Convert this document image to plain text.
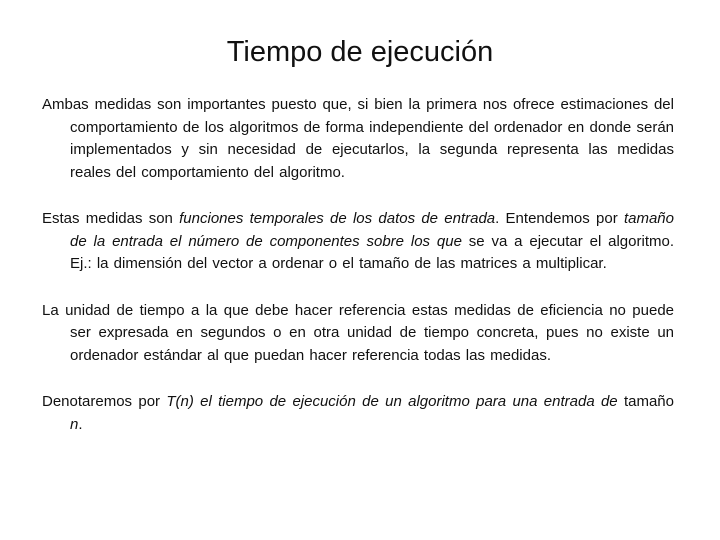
Tiempo de ejecución

Ambas medidas son importantes puesto que, si bien la primera nos ofrece estimaciones del comportamiento de los algoritmos de forma independiente del ordenador en donde serán implementados y sin necesidad de ejecutarlos, la segunda representa las medidas reales del comportamiento del algoritmo.

Estas medidas son funciones temporales de los datos de entrada. Entendemos por tamaño de la entrada el número de componentes sobre los que se va a ejecutar el algoritmo. Ej.: la dimensión del vector a ordenar o el tamaño de las matrices a multiplicar.

La unidad de tiempo a la que debe hacer referencia estas medidas de eficiencia no puede ser expresada en segundos o en otra unidad de tiempo concreta, pues no existe un ordenador estándar al que puedan hacer referencia todas las medidas.

Denotaremos por T(n) el tiempo de ejecución de un algoritmo para una entrada de tamaño n.
